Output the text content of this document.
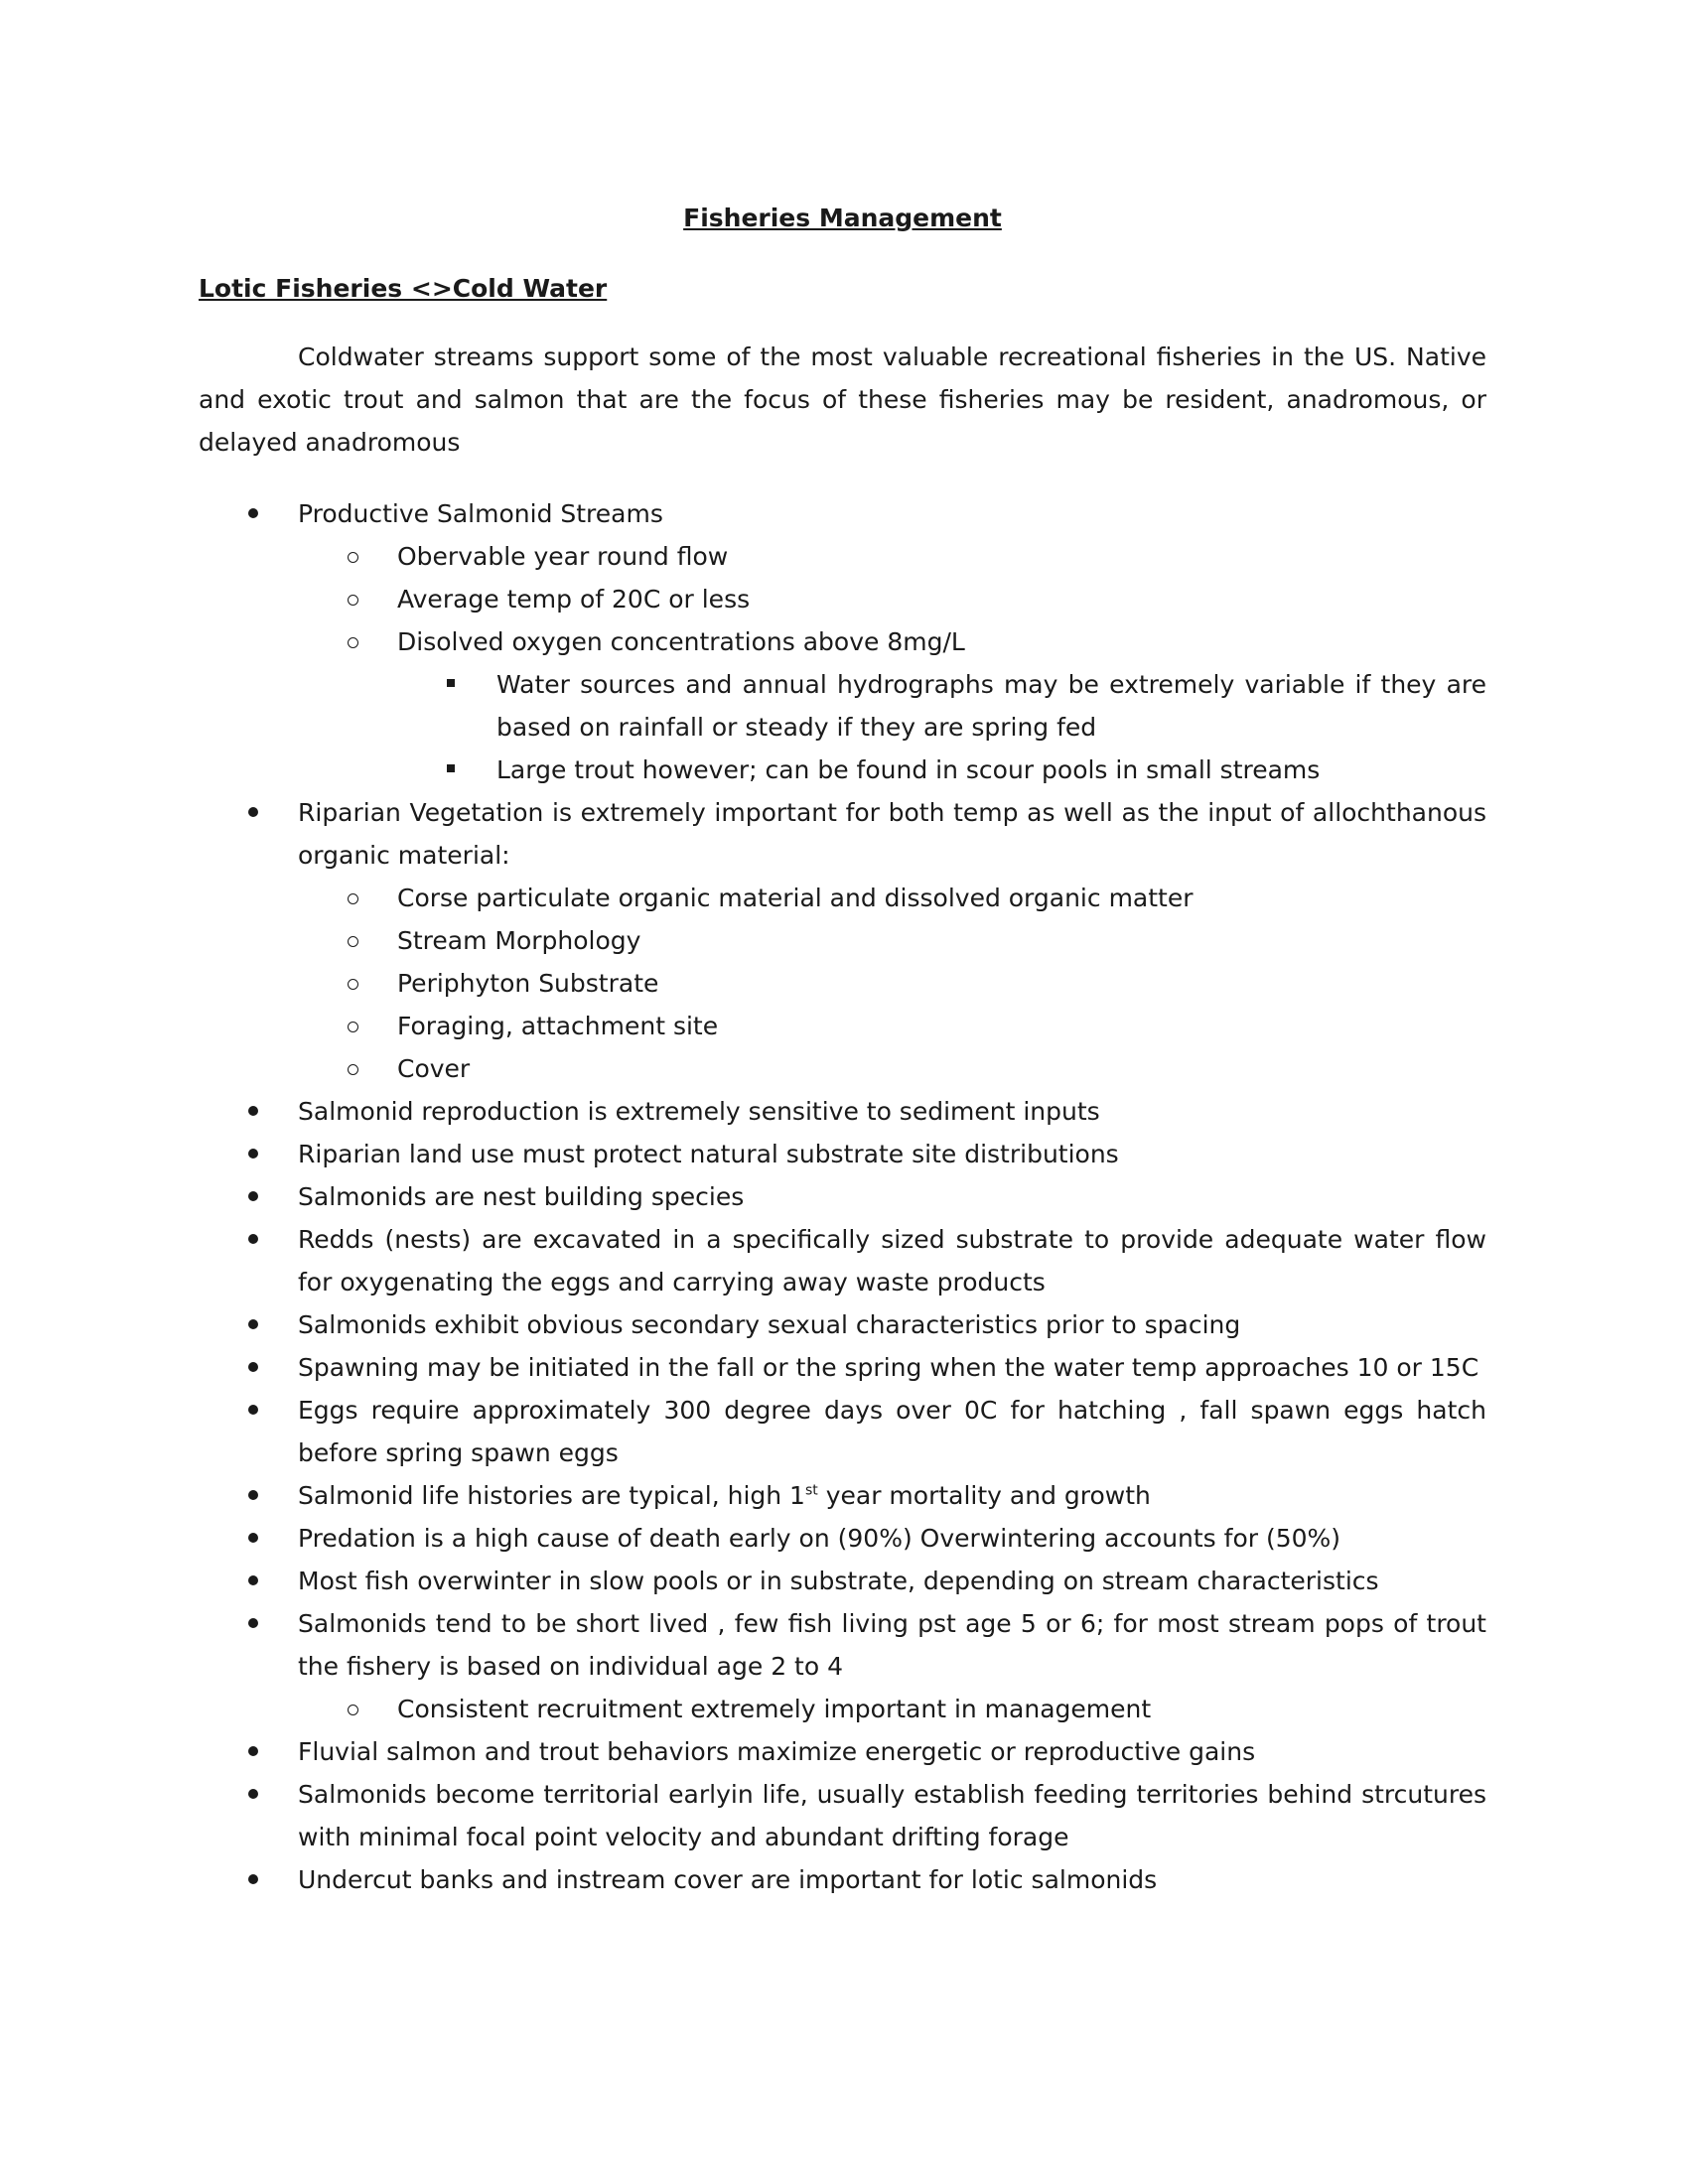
Fisheries Management
Lotic Fisheries <>Cold Water

Coldwater streams support some of the most valuable recreational fisheries in the US. Native and exotic trout and salmon that are the focus of these fisheries may be resident, anadromous, or delayed anadromous

Productive Salmonid Streams
Obervable year round flow
Average temp of 20C or less
Disolved oxygen concentrations above 8mg/L
Water sources and annual hydrographs may be extremely variable if they are based on rainfall or steady if they are spring fed
Large trout however; can be found in scour pools in small streams
Riparian Vegetation is extremely important for both temp as well as the input of allochthanous organic material:
Corse particulate organic material and dissolved organic matter
Stream Morphology
Periphyton Substrate
Foraging, attachment site
Cover
Salmonid reproduction is extremely sensitive to sediment inputs
Riparian land use must protect natural substrate site distributions
Salmonids are nest building species
Redds (nests) are excavated in a specifically sized substrate to provide adequate water flow for oxygenating the eggs and carrying away waste products
Salmonids exhibit obvious secondary sexual characteristics prior to spacing
Spawning may be initiated in the fall or the spring when the water temp approaches 10 or 15C
Eggs require approximately 300 degree days over 0C for hatching , fall spawn eggs hatch before spring spawn eggs
Salmonid life histories are typical, high 1st year mortality and growth
Predation is a high cause of death early on (90%) Overwintering accounts for (50%)
Most fish overwinter in slow pools or in substrate, depending on stream characteristics
Salmonids tend to be short lived , few fish living pst age 5 or 6; for most stream pops of trout the fishery is based on individual age 2 to 4
Consistent recruitment extremely important in management
Fluvial salmon and trout behaviors maximize energetic or reproductive gains
Salmonids become territorial earlyin life, usually establish feeding territories behind strcutures with minimal focal point velocity and abundant drifting forage
Undercut banks and instream cover are important for lotic salmonids
